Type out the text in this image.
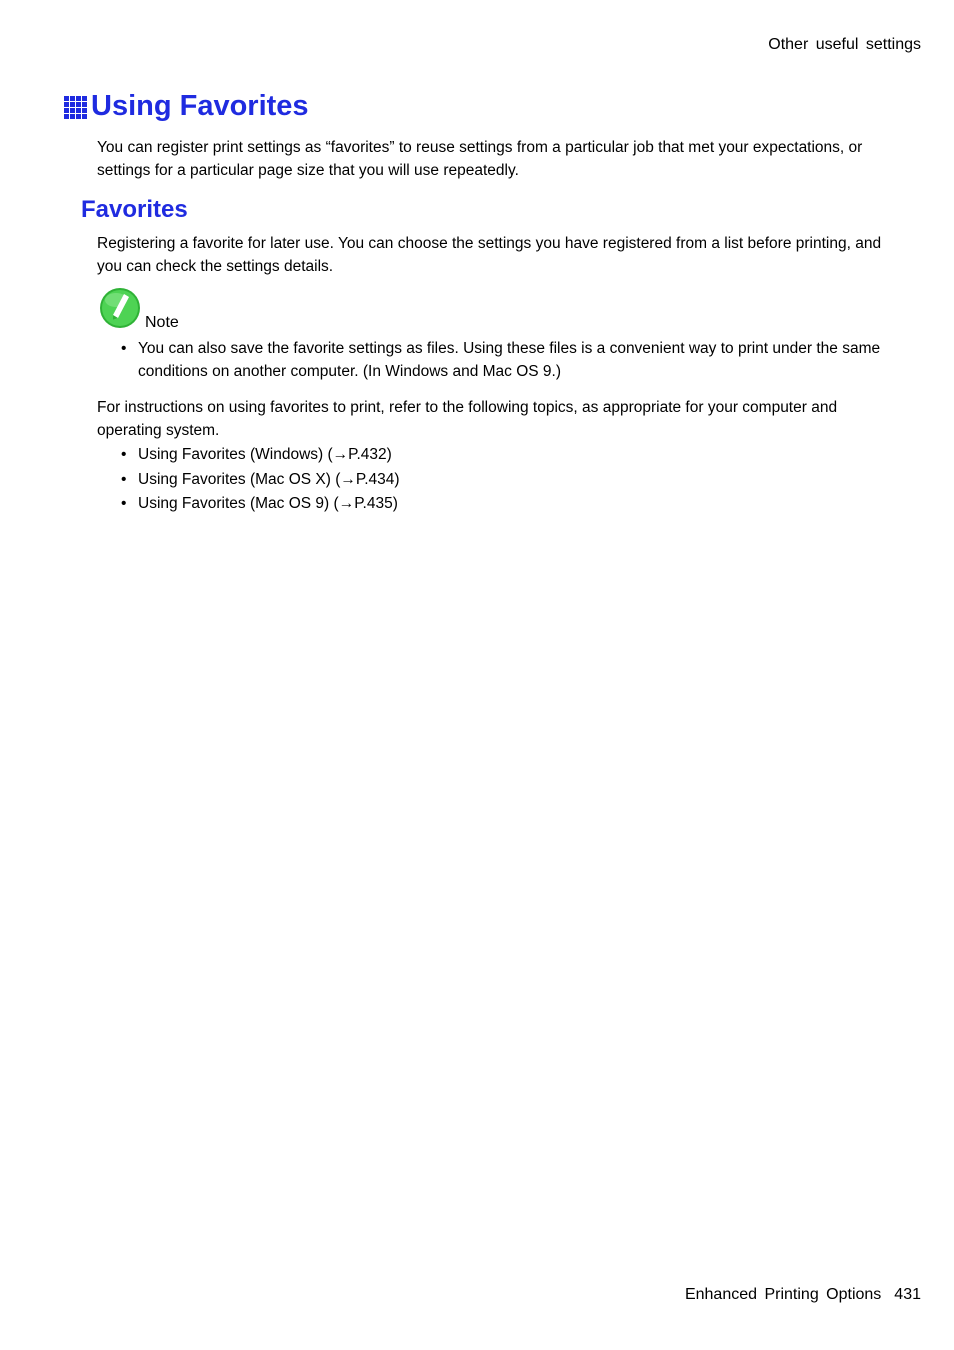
Other useful settings
Using Favorites

You can register print settings as “favorites” to reuse settings from a particular job that met your expectations, or settings for a particular page size that you will use repeatedly.

Favorites

Registering a favorite for later use. You can choose the settings you have registered from a list before printing, and you can check the settings details.

Note
• You can also save the favorite settings as files. Using these files is a convenient way to print under the same conditions on another computer. (In Windows and Mac OS 9.)

For instructions on using favorites to print, refer to the following topics, as appropriate for your computer and operating system.

• Using Favorites (Windows) (→P.432)
• Using Favorites (Mac OS X) (→P.434)
• Using Favorites (Mac OS 9) (→P.435)
Enhanced Printing Options 431
